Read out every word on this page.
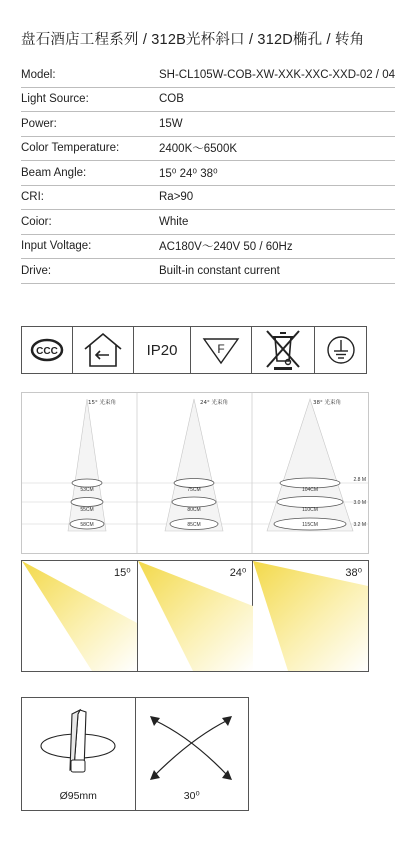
盘石酒店工程系列 / 312B光杯斜口 / 312D椭孔 / 转角
Model:	SH-CL105W-COB-XW-XXK-XXC-XXD-02 / 04
Light Source:	COB
Power:	15W
Color Temperature:	2400K～6500K
Beam Angle:	15⁰ 24⁰ 38⁰
CRI:	Ra>90
Coior:	White
Input Voltage:	AC180V～240V 50 / 60Hz
Drive:	Built-in constant current
CCC	IP20	F
15° 光束角
53CM
55CM
58CM
24° 光束角
75CM
80CM
85CM
38° 光束角
104CM
110CM
115CM
2.8 M
3.0 M
3.2 M
15⁰	24⁰	38⁰
Ø95mm	30⁰
